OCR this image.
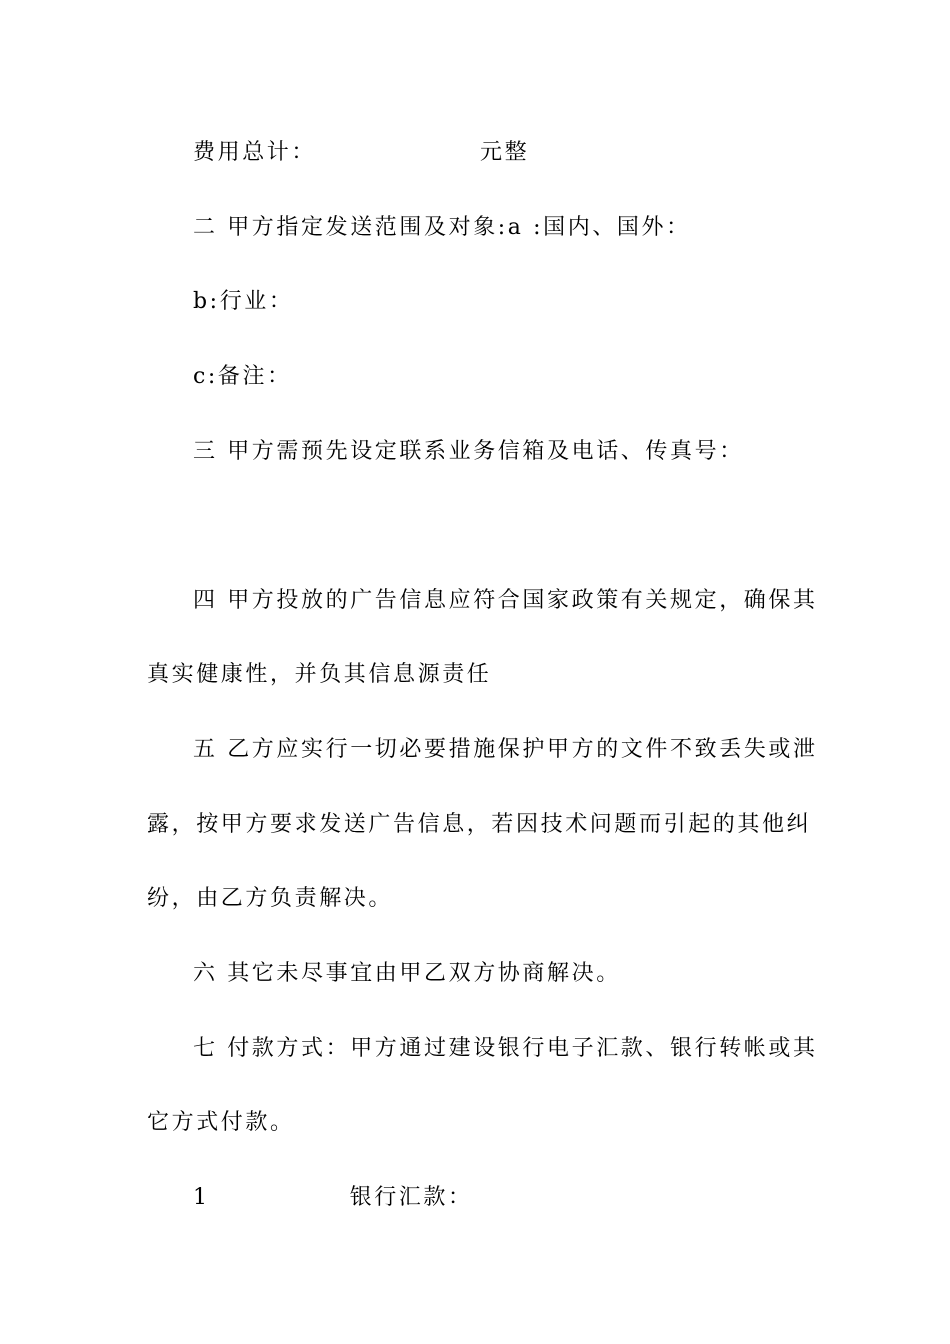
费用总计：	元整
二 甲方指定发送范围及对象:a :国内、国外：
b:行业：
c:备注：
三 甲方需预先设定联系业务信箱及电话、传真号：
四 甲方投放的广告信息应符合国家政策有关规定，确保其
真实健康性，并负其信息源责任
五 乙方应实行一切必要措施保护甲方的文件不致丢失或泄
露，按甲方要求发送广告信息，若因技术问题而引起的其他纠
纷，由乙方负责解决。
六 其它未尽事宜由甲乙双方协商解决。
七 付款方式：甲方通过建设银行电子汇款、银行转帐或其
它方式付款。
1	银行汇款：
